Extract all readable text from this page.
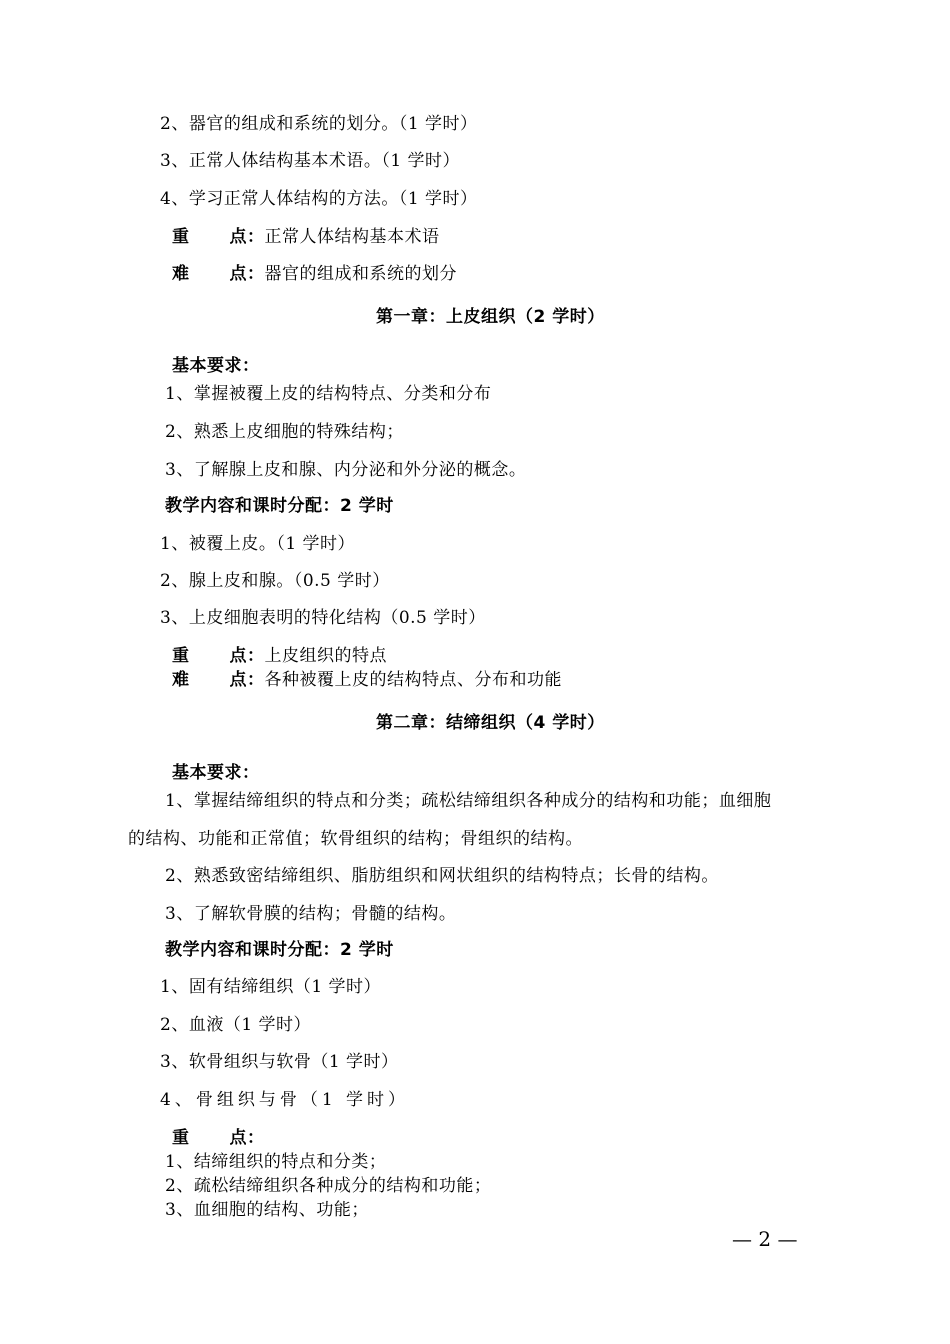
2、器官的组成和系统的划分。（1 学时）
3、正常人体结构基本术语。（1 学时）
4、学习正常人体结构的方法。（1 学时）
重 点：正常人体结构基本术语
难 点：器官的组成和系统的划分
第一章：上皮组织（2 学时）
基本要求：
1、掌握被覆上皮的结构特点、分类和分布
2、熟悉上皮细胞的特殊结构；
3、了解腺上皮和腺、内分泌和外分泌的概念。
教学内容和课时分配：2 学时
1、被覆上皮。（1 学时）
2、腺上皮和腺。（0.5 学时）
3、上皮细胞表明的特化结构（0.5 学时）
重 点：上皮组织的特点
难 点：各种被覆上皮的结构特点、分布和功能
第二章：结缔组织（4 学时）
基本要求：
1、掌握结缔组织的特点和分类；疏松结缔组织各种成分的结构和功能；血细胞
的结构、功能和正常值；软骨组织的结构；骨组织的结构。
2、熟悉致密结缔组织、脂肪组织和网状组织的结构特点；长骨的结构。
3、了解软骨膜的结构；骨髓的结构。
教学内容和课时分配：2 学时
1、固有结缔组织（1 学时）
2、血液（1 学时）
3、软骨组织与软骨（1 学时）
4、骨组织与骨（1 学时）
重 点：
1、结缔组织的特点和分类；
2、疏松结缔组织各种成分的结构和功能；
3、血细胞的结构、功能；
— 2 —
